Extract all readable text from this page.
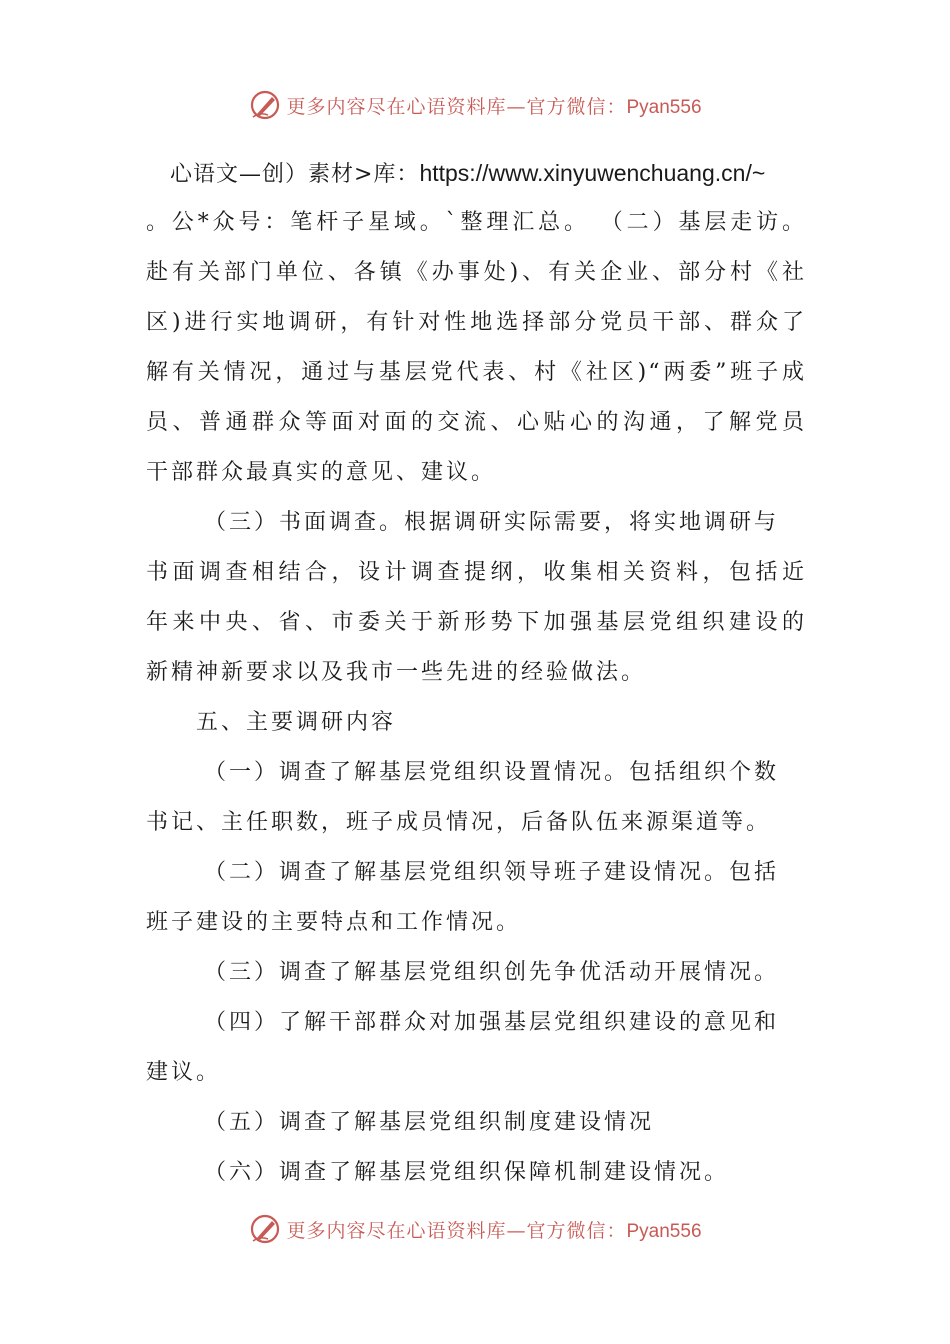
更多内容尽在心语资料库—官方微信：Pyan556
心语文—创）素材>库：https://www.xinyuwenchuang.cn/~
。公*众号：笔杆子星域。`整理汇总。 （二）基层走访。
赴有关部门单位、各镇《办事处)、有关企业、部分村《社
区)进行实地调研，有针对性地选择部分党员干部、群众了
解有关情况，通过与基层党代表、村《社区)“两委”班子成
员、普通群众等面对面的交流、心贴心的沟通，了解党员
干部群众最真实的意见、建议。
（三）书面调查。根据调研实际需要，将实地调研与
书面调查相结合，设计调查提纲，收集相关资料，包括近
年来中央、省、市委关于新形势下加强基层党组织建设的
新精神新要求以及我市一些先进的经验做法。
五、主要调研内容
（一）调查了解基层党组织设置情况。包括组织个数
书记、主任职数，班子成员情况，后备队伍来源渠道等。
（二）调查了解基层党组织领导班子建设情况。包括
班子建设的主要特点和工作情况。
（三）调查了解基层党组织创先争优活动开展情况。
（四）了解干部群众对加强基层党组织建设的意见和
建议。
（五）调查了解基层党组织制度建设情况
（六）调查了解基层党组织保障机制建设情况。
更多内容尽在心语资料库—官方微信：Pyan556
